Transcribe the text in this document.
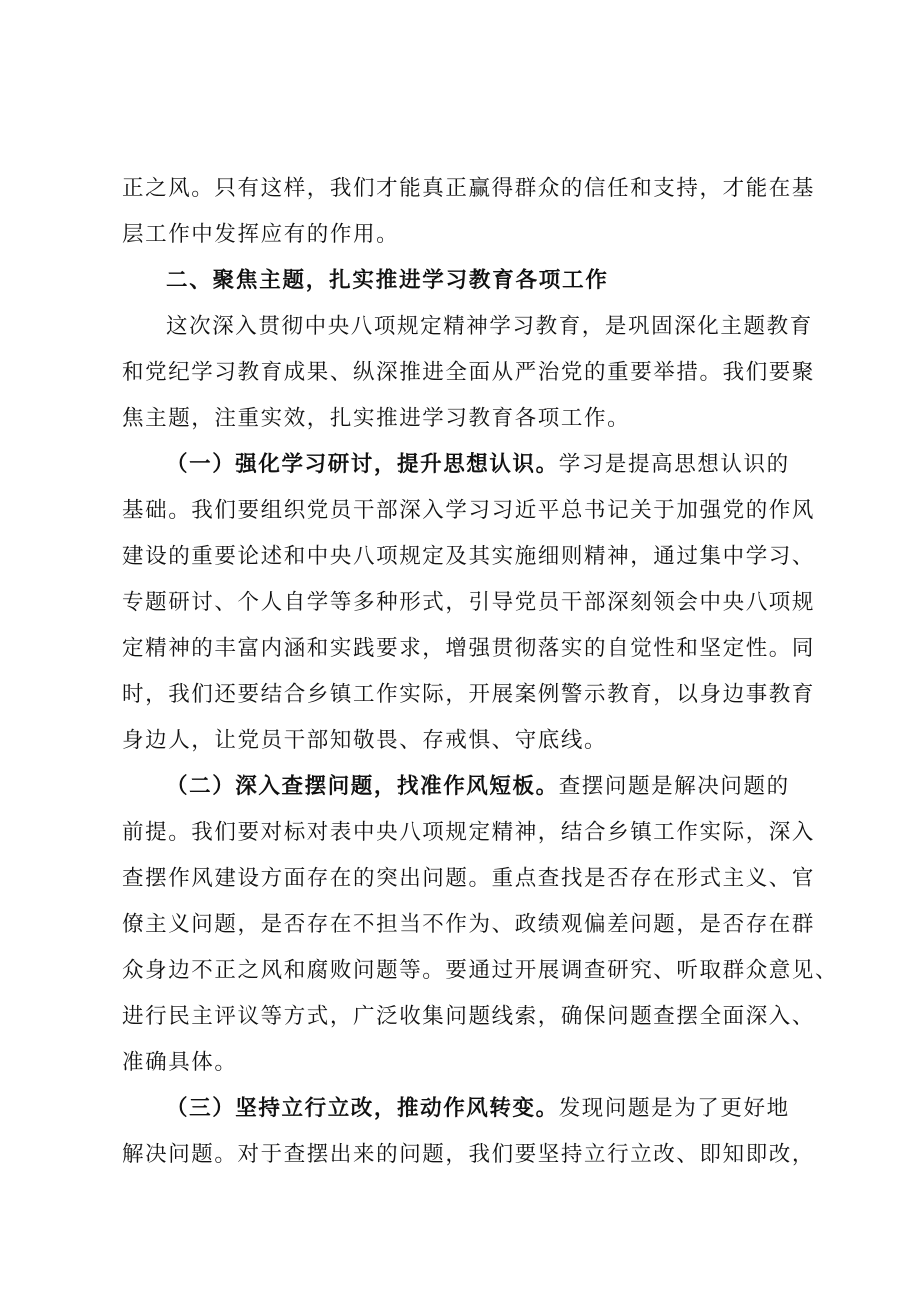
正之风。只有这样，我们才能真正赢得群众的信任和支持，才能在基
层工作中发挥应有的作用。
二、聚焦主题，扎实推进学习教育各项工作
这次深入贯彻中央八项规定精神学习教育，是巩固深化主题教育
和党纪学习教育成果、纵深推进全面从严治党的重要举措。我们要聚
焦主题，注重实效，扎实推进学习教育各项工作。
（一）强化学习研讨，提升思想认识。学习是提高思想认识的
基础。我们要组织党员干部深入学习习近平总书记关于加强党的作风
建设的重要论述和中央八项规定及其实施细则精神，通过集中学习、
专题研讨、个人自学等多种形式，引导党员干部深刻领会中央八项规
定精神的丰富内涵和实践要求，增强贯彻落实的自觉性和坚定性。同
时，我们还要结合乡镇工作实际，开展案例警示教育，以身边事教育
身边人，让党员干部知敬畏、存戒惧、守底线。
（二）深入查摆问题，找准作风短板。查摆问题是解决问题的
前提。我们要对标对表中央八项规定精神，结合乡镇工作实际，深入
查摆作风建设方面存在的突出问题。重点查找是否存在形式主义、官
僚主义问题，是否存在不担当不作为、政绩观偏差问题，是否存在群
众身边不正之风和腐败问题等。要通过开展调查研究、听取群众意见、
进行民主评议等方式，广泛收集问题线索，确保问题查摆全面深入、
准确具体。
（三）坚持立行立改，推动作风转变。发现问题是为了更好地
解决问题。对于查摆出来的问题，我们要坚持立行立改、即知即改，
